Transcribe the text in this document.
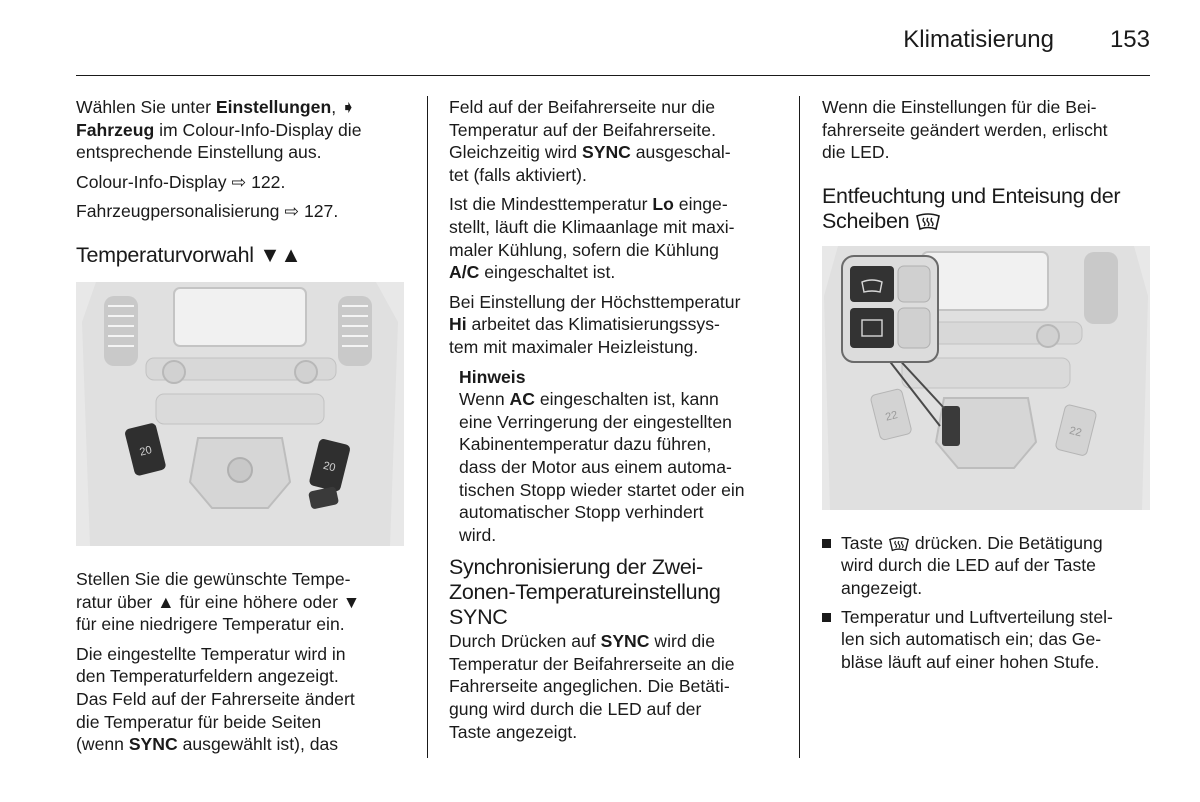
Klimatisierung 153
Wählen Sie unter Einstellungen, ➧
Fahrzeug im Colour-Info-Display die
entsprechende Einstellung aus.
Colour-Info-Display ⇨ 122.
Fahrzeugpersonalisierung ⇨ 127.
Temperaturvorwahl ▼▲
20
20
Stellen Sie die gewünschte Tempe-
ratur über ▲ für eine höhere oder ▼
für eine niedrigere Temperatur ein.
Die eingestellte Temperatur wird in
den Temperaturfeldern angezeigt.
Das Feld auf der Fahrerseite ändert
die Temperatur für beide Seiten
(wenn SYNC ausgewählt ist), das
Feld auf der Beifahrerseite nur die
Temperatur auf der Beifahrerseite.
Gleichzeitig wird SYNC ausgeschal-
tet (falls aktiviert).
Ist die Mindesttemperatur Lo einge-
stellt, läuft die Klimaanlage mit maxi-
maler Kühlung, sofern die Kühlung
A/C eingeschaltet ist.
Bei Einstellung der Höchsttemperatur
Hi arbeitet das Klimatisierungssys-
tem mit maximaler Heizleistung.
Hinweis
Wenn AC eingeschalten ist, kann
eine Verringerung der eingestellten
Kabinentemperatur dazu führen,
dass der Motor aus einem automa-
tischen Stopp wieder startet oder ein
automatischer Stopp verhindert
wird.
Synchronisierung der Zwei-
Zonen-Temperatureinstellung
SYNC
Durch Drücken auf SYNC wird die
Temperatur der Beifahrerseite an die
Fahrerseite angeglichen. Die Betäti-
gung wird durch die LED auf der
Taste angezeigt.
Wenn die Einstellungen für die Bei-
fahrerseite geändert werden, erlischt
die LED.
Entfeuchtung und Enteisung der
Scheiben
22
22
Taste  drücken. Die Betätigung
wird durch die LED auf der Taste
angezeigt.
Temperatur und Luftverteilung stel-
len sich automatisch ein; das Ge-
bläse läuft auf einer hohen Stufe.
